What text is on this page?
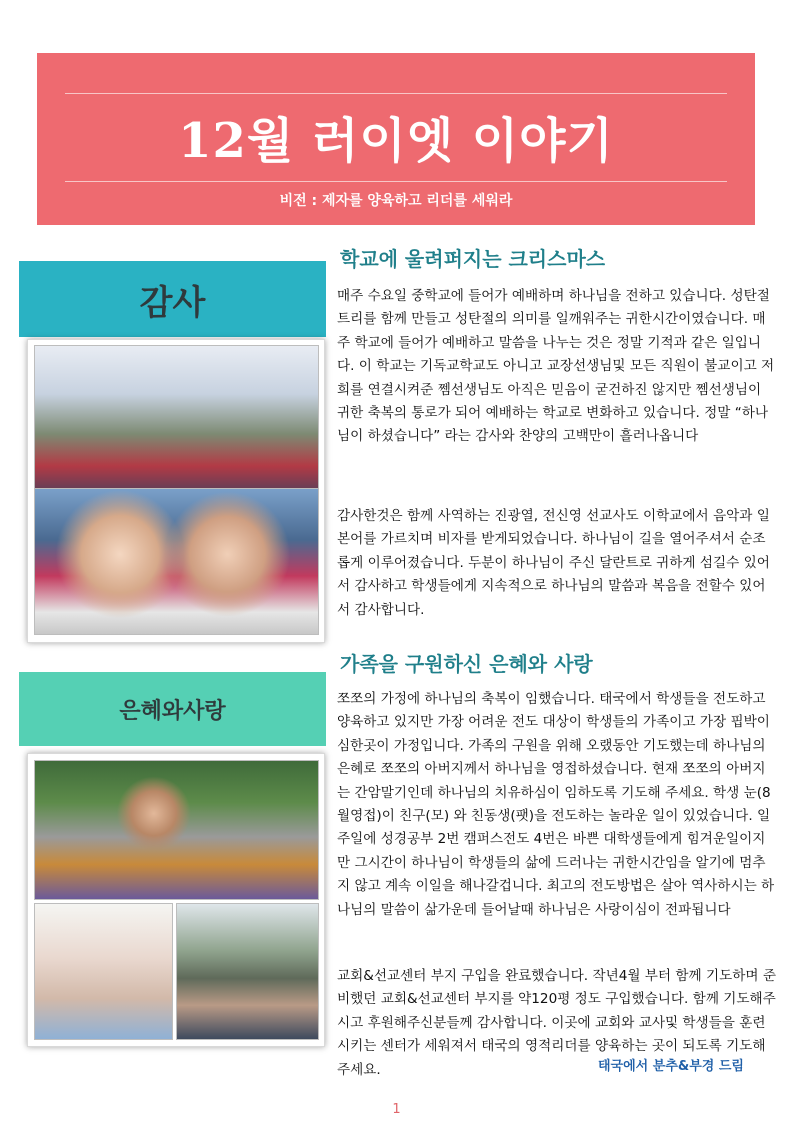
12월 러이엣 이야기

비전 : 제자를 양육하고 리더를 세워라

감사
은혜와사랑
학교에 울려퍼지는 크리스마스

매주 수요일 중학교에 들어가 예배하며 하나님을 전하고 있습니다. 성탄절 트리를 함께 만들고 성탄절의 의미를 일깨워주는 귀한시간이였습니다. 매주 학교에 들어가 예배하고 말씀을 나누는 것은 정말 기적과 같은 일입니다. 이 학교는 기독교학교도 아니고 교장선생님및 모든 직원이 불교이고 저희를 연결시켜준 쩸선생님도 아직은 믿음이 굳건하진 않지만 쩸선생님이 귀한 축복의 통로가 되어 예배하는 학교로 변화하고 있습니다. 정말 “하나님이 하셨습니다” 라는 감사와 찬양의 고백만이 흘러나옵니다

감사한것은 함께 사역하는 진광열, 전신영 선교사도 이학교에서 음악과 일본어를 가르치며 비자를 받게되었습니다. 하나님이 길을 열어주셔서 순조롭게 이루어졌습니다. 두분이 하나님이 주신 달란트로 귀하게 섬길수 있어서 감사하고 학생들에게 지속적으로 하나님의 말씀과 복음을 전할수 있어서 감사합니다.

가족을 구원하신 은혜와 사랑

쪼쪼의 가정에 하나님의 축복이 임했습니다. 태국에서 학생들을 전도하고 양육하고 있지만 가장 어려운 전도 대상이 학생들의 가족이고 가장 핍박이 심한곳이 가정입니다. 가족의 구원을 위해 오랬동안 기도했는데 하나님의 은혜로 쪼쪼의 아버지께서 하나님을 영접하셨습니다. 현재 쪼쪼의 아버지는 간암말기인데 하나님의 치유하심이 임하도록 기도해 주세요. 학생 눈(8월영접)이 친구(모) 와 친동생(팻)을 전도하는 놀라운 일이 있었습니다. 일주일에 성경공부 2번 캠퍼스전도 4번은 바쁜 대학생들에게 힘겨운일이지만 그시간이 하나님이 학생들의 삶에 드러나는 귀한시간임을 알기에 멈추지 않고 계속 이일을 해나갈겁니다. 최고의 전도방법은 살아 역사하시는 하나님의 말씀이 삶가운데 들어날때 하나님은 사랑이심이 전파됩니다

교회&선교센터 부지 구입을 완료했습니다. 작년4월 부터 함께 기도하며 준비했던 교회&선교센터 부지를 약120평 정도 구입했습니다. 함께 기도해주시고 후원해주신분들께 감사합니다. 이곳에 교회와 교사및 학생들을 훈련시키는 센터가 세워져서 태국의 영적리더를 양육하는 곳이 되도록 기도해주세요.	태국에서 분추&부경 드림

1
